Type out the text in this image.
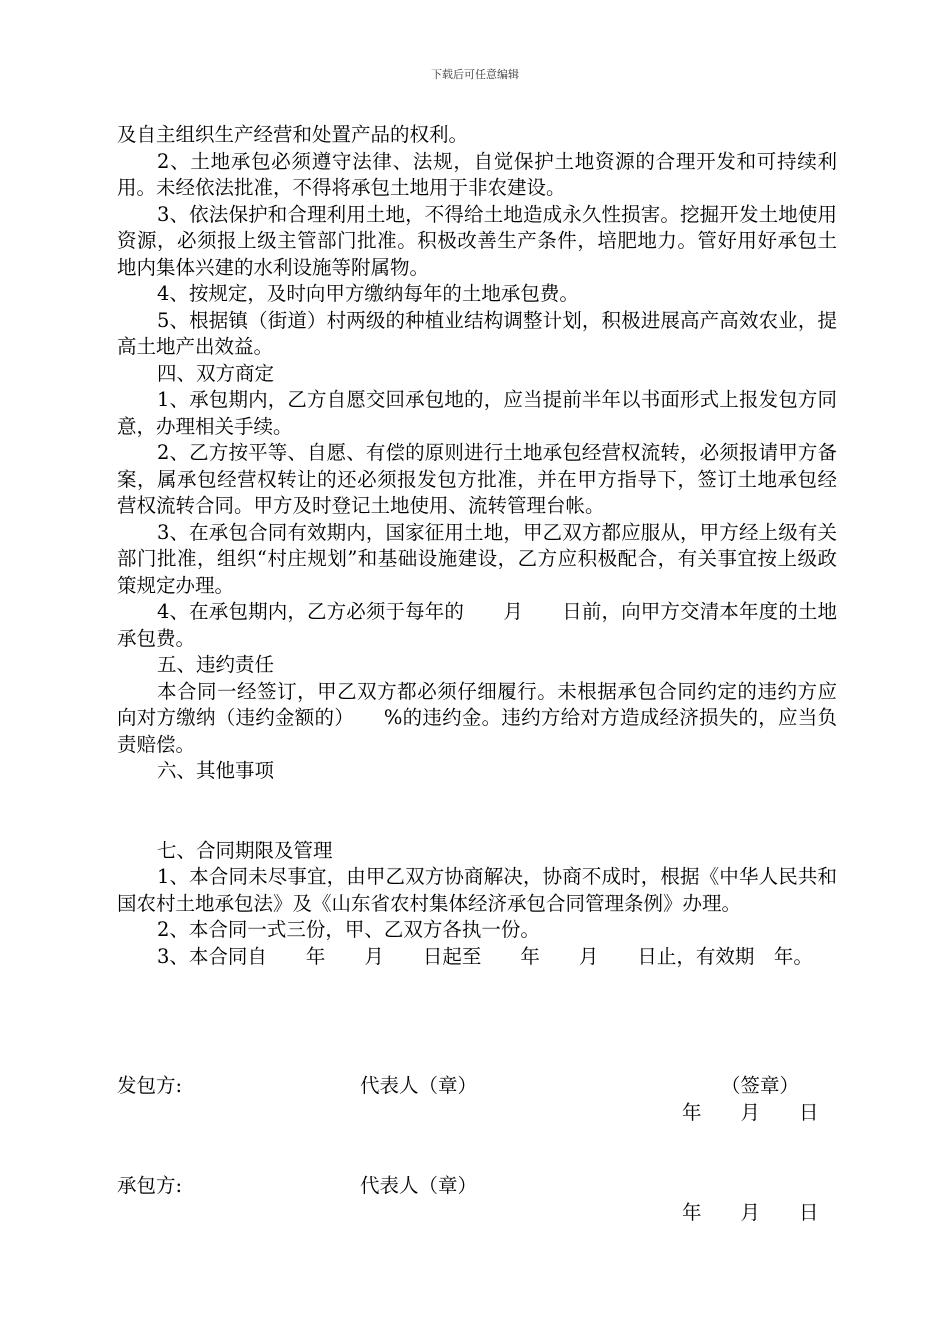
下载后可任意编辑

及自主组织生产经营和处置产品的权利。

2、土地承包必须遵守法律、法规，自觉保护土地资源的合理开发和可持续利用。未经依法批准，不得将承包土地用于非农建设。

3、依法保护和合理利用土地，不得给土地造成永久性损害。挖掘开发土地使用资源，必须报上级主管部门批准。积极改善生产条件，培肥地力。管好用好承包土地内集体兴建的水利设施等附属物。

4、按规定，及时向甲方缴纳每年的土地承包费。

5、根据镇（街道）村两级的种植业结构调整计划，积极进展高产高效农业，提高土地产出效益。

四、双方商定

1、承包期内，乙方自愿交回承包地的，应当提前半年以书面形式上报发包方同意，办理相关手续。

2、乙方按平等、自愿、有偿的原则进行土地承包经营权流转，必须报请甲方备案，属承包经营权转让的还必须报发包方批准，并在甲方指导下，签订土地承包经营权流转合同。甲方及时登记土地使用、流转管理台帐。

3、在承包合同有效期内，国家征用土地，甲乙双方都应服从，甲方经上级有关部门批准，组织“村庄规划”和基础设施建设，乙方应积极配合，有关事宜按上级政策规定办理。

4、在承包期内，乙方必须于每年的　　月　　日前，向甲方交清本年度的土地承包费。

五、违约责任

本合同一经签订，甲乙双方都必须仔细履行。未根据承包合同约定的违约方应向对方缴纳（违约金额的）　　%的违约金。违约方给对方造成经济损失的，应当负责赔偿。

六、其他事项

七、合同期限及管理

1、本合同未尽事宜，由甲乙双方协商解决，协商不成时，根据《中华人民共和国农村土地承包法》及《山东省农村集体经济承包合同管理条例》办理。

2、本合同一式三份，甲、乙双方各执一份。

3、本合同自　　年　　月　　日起至　　年　　月　　日止，有效期　年。

发包方:	代表人（章）	（签章）
年　　月　　日
承包方:	代表人（章）
年　　月　　日
